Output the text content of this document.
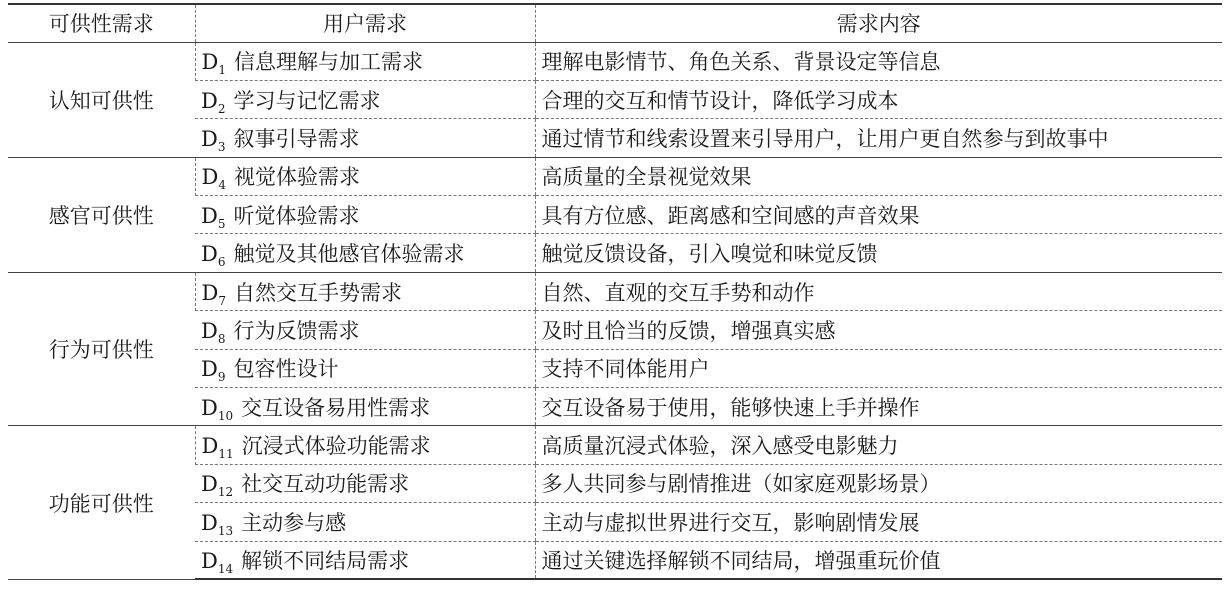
可供性需求	用户需求	需求内容
认知可供性	$D_1$ 信息理解与加工需求	理解电影情节、角色关系、背景设定等信息
	$D_2$ 学习与记忆需求	合理的交互和情节设计，降低学习成本
	$D_3$ 叙事引导需求	通过情节和线索设置来引导用户，让用户更自然参与到故事中
感官可供性	$D_4$ 视觉体验需求	高质量的全景视觉效果
	$D_5$ 听觉体验需求	具有方位感、距离感和空间感的声音效果
	$D_6$ 触觉及其他感官体验需求	触觉反馈设备，引入嗅觉和味觉反馈
行为可供性	$D_7$ 自然交互手势需求	自然、直观的交互手势和动作
	$D_8$ 行为反馈需求	及时且恰当的反馈，增强真实感
	$D_9$ 包容性设计	支持不同体能用户
	$D_{10}$ 交互设备易用性需求	交互设备易于使用，能够快速上手并操作
功能可供性	$D_{11}$ 沉浸式体验功能需求	高质量沉浸式体验，深入感受电影魅力
	$D_{12}$ 社交互动功能需求	多人共同参与剧情推进（如家庭观影场景）
	$D_{13}$ 主动参与感	主动与虚拟世界进行交互，影响剧情发展
	$D_{14}$ 解锁不同结局需求	通过关键选择解锁不同结局，增强重玩价值
